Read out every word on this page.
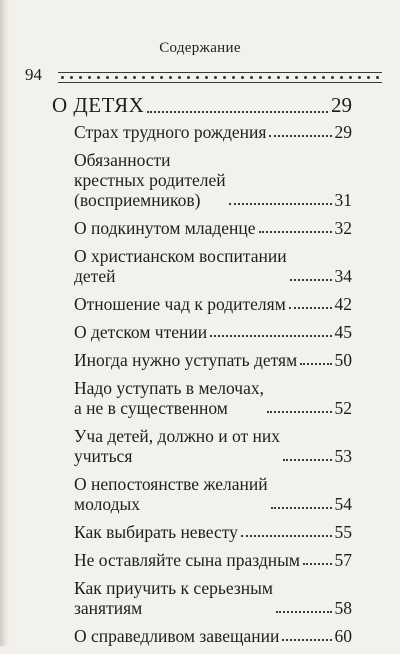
Содержание
94
О ДЕТЯХ	29
Страх трудного рождения	29
Обязанности
крестных родителей
(восприемников)	31
О подкинутом младенце	32
О христианском воспитании
детей	34
Отношение чад к родителям	42
О детском чтении	45
Иногда нужно уступать детям 50
Надо уступать в мелочах,
а не в существенном	52
Уча детей, должно и от них
учиться	53
О непостоянстве желаний
молодых	54
Как выбирать невесту	55
Не оставляйте сына праздным 57
Как приучить к серьезным
занятиям	58
О справедливом завещании	60
